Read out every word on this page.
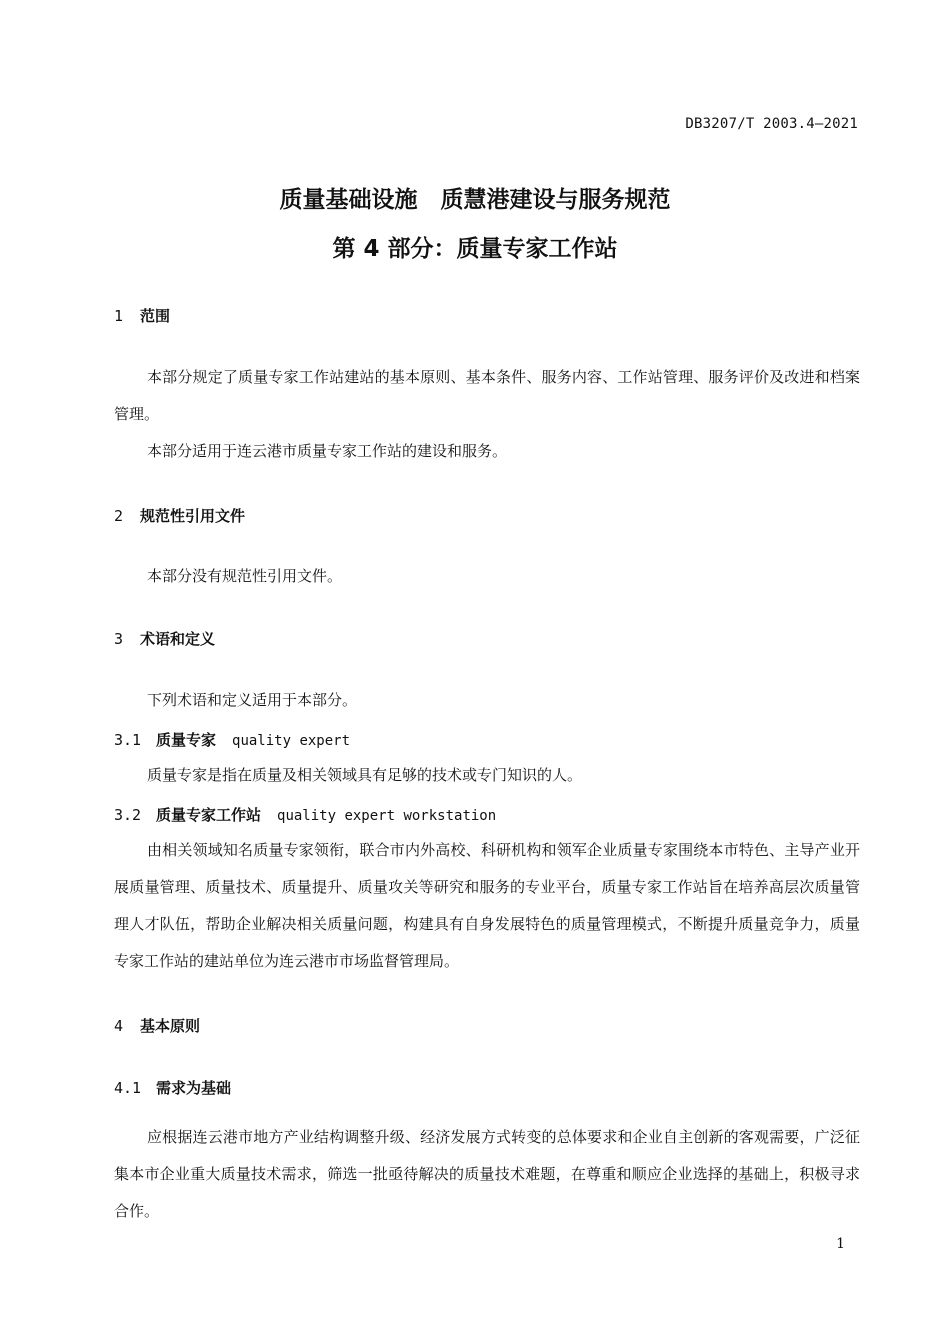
DB3207/T 2003.4—2021
质量基础设施　质慧港建设与服务规范
第 4 部分：质量专家工作站
1 范围
本部分规定了质量专家工作站建站的基本原则、基本条件、服务内容、工作站管理、服务评价及改进和档案管理。
本部分适用于连云港市质量专家工作站的建设和服务。
2 规范性引用文件
本部分没有规范性引用文件。
3 术语和定义
下列术语和定义适用于本部分。
3.1 质量专家 quality expert
质量专家是指在质量及相关领域具有足够的技术或专门知识的人。
3.2 质量专家工作站 quality expert workstation
由相关领域知名质量专家领衔，联合市内外高校、科研机构和领军企业质量专家围绕本市特色、主导产业开展质量管理、质量技术、质量提升、质量攻关等研究和服务的专业平台，质量专家工作站旨在培养高层次质量管理人才队伍，帮助企业解决相关质量问题，构建具有自身发展特色的质量管理模式，不断提升质量竞争力，质量专家工作站的建站单位为连云港市市场监督管理局。
4 基本原则
4.1 需求为基础
应根据连云港市地方产业结构调整升级、经济发展方式转变的总体要求和企业自主创新的客观需要，广泛征集本市企业重大质量技术需求，筛选一批亟待解决的质量技术难题，在尊重和顺应企业选择的基础上，积极寻求合作。
1
